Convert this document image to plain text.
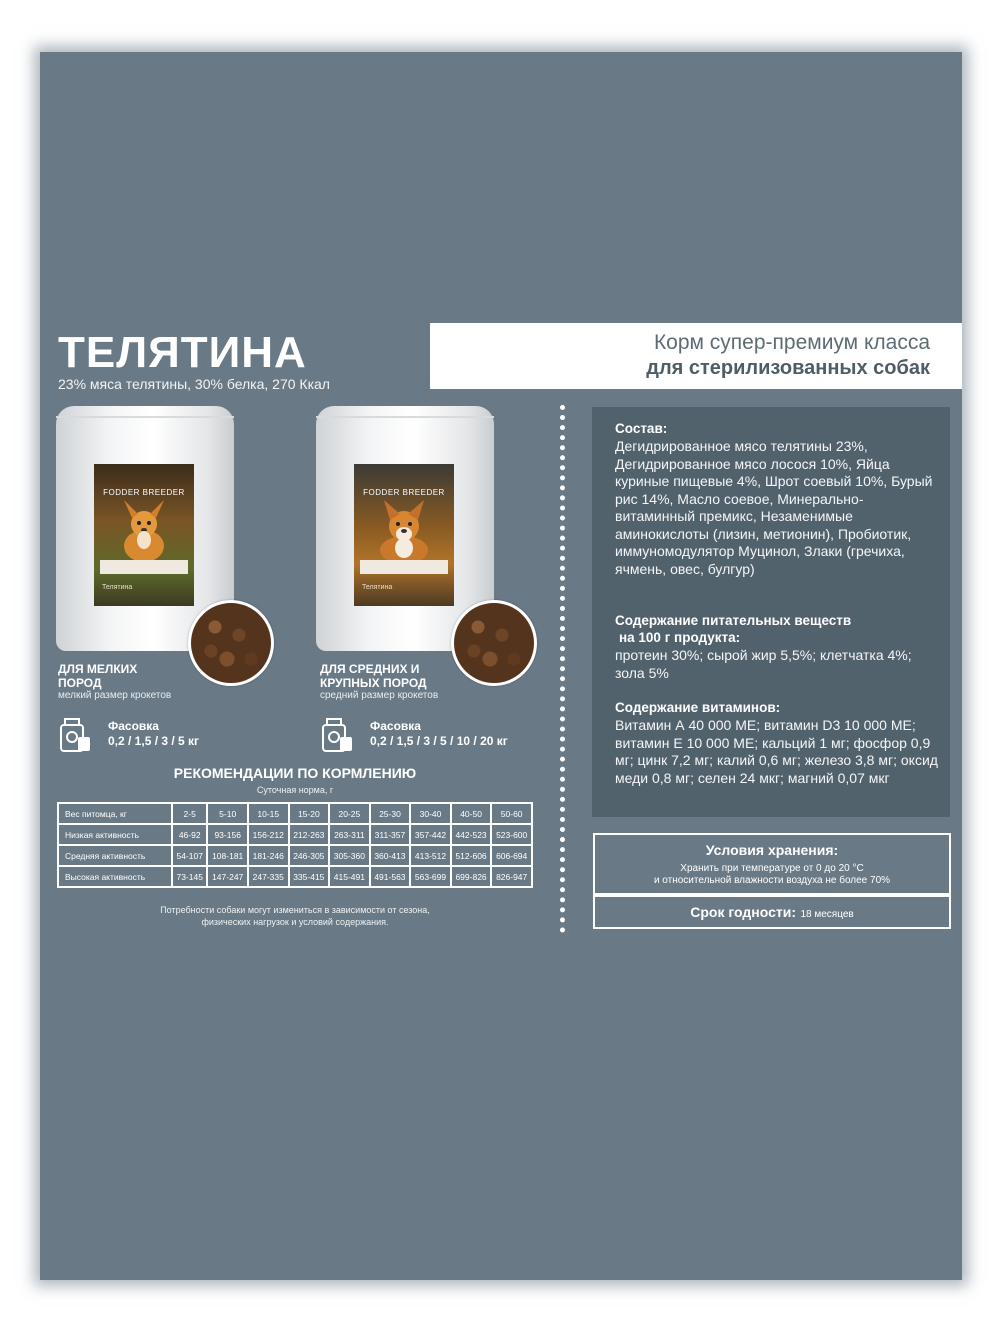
ТЕЛЯТИНА
23% мяса телятины, 30% белка, 270 Ккал
Корм супер-премиум класса
для стерилизованных собак
FODDER BREEDER
Телятина
ДЛЯ МЕЛКИХ ПОРОД
мелкий размер крокетов
Фасовка
0,2 / 1,5 / 3 / 5 кг
FODDER BREEDER
Телятина
ДЛЯ СРЕДНИХ И КРУПНЫХ ПОРОД
средний размер крокетов
Фасовка
0,2 / 1,5 / 3 / 5 / 10 / 20 кг
РЕКОМЕНДАЦИИ ПО КОРМЛЕНИЮ
Суточная норма, г
Вес питомца, кг	2-5	5-10	10-15	15-20	20-25	25-30	30-40	40-50	50-60
Низкая активность	46-92	93-156	156-212	212-263	263-311	311-357	357-442	442-523	523-600
Средняя активность	54-107	108-181	181-246	246-305	305-360	360-413	413-512	512-606	606-694
Высокая активность	73-145	147-247	247-335	335-415	415-491	491-563	563-699	699-826	826-947
Потребности собаки могут измениться в зависимости от сезона,
физических нагрузок и условий содержания.
Состав:
Дегидрированное мясо телятины 23%, Дегидрированное мясо лосося 10%, Яйца куриные пищевые 4%, Шрот соевый 10%, Бурый рис 14%, Масло соевое, Минерально-витаминный премикс, Незаменимые аминокислоты (лизин, метионин), Пробиотик, иммуномодулятор Муцинол, Злаки (гречиха, ячмень, овес, булгур)
Содержание питательных веществ
на 100 г продукта:
протеин 30%; сырой жир 5,5%; клетчатка 4%; зола 5%
Содержание витаминов:
Витамин А 40 000 МЕ; витамин D3 10 000 МЕ; витамин Е 10 000 МЕ; кальций 1 мг; фосфор 0,9 мг; цинк 7,2 мг; калий 0,6 мг; железо 3,8 мг; оксид меди 0,8 мг; селен 24 мкг; магний 0,07 мкг
Условия хранения:
Хранить при температуре от 0 до 20 °С
и относительной влажности воздуха не более 70%
Срок годности: 18 месяцев
